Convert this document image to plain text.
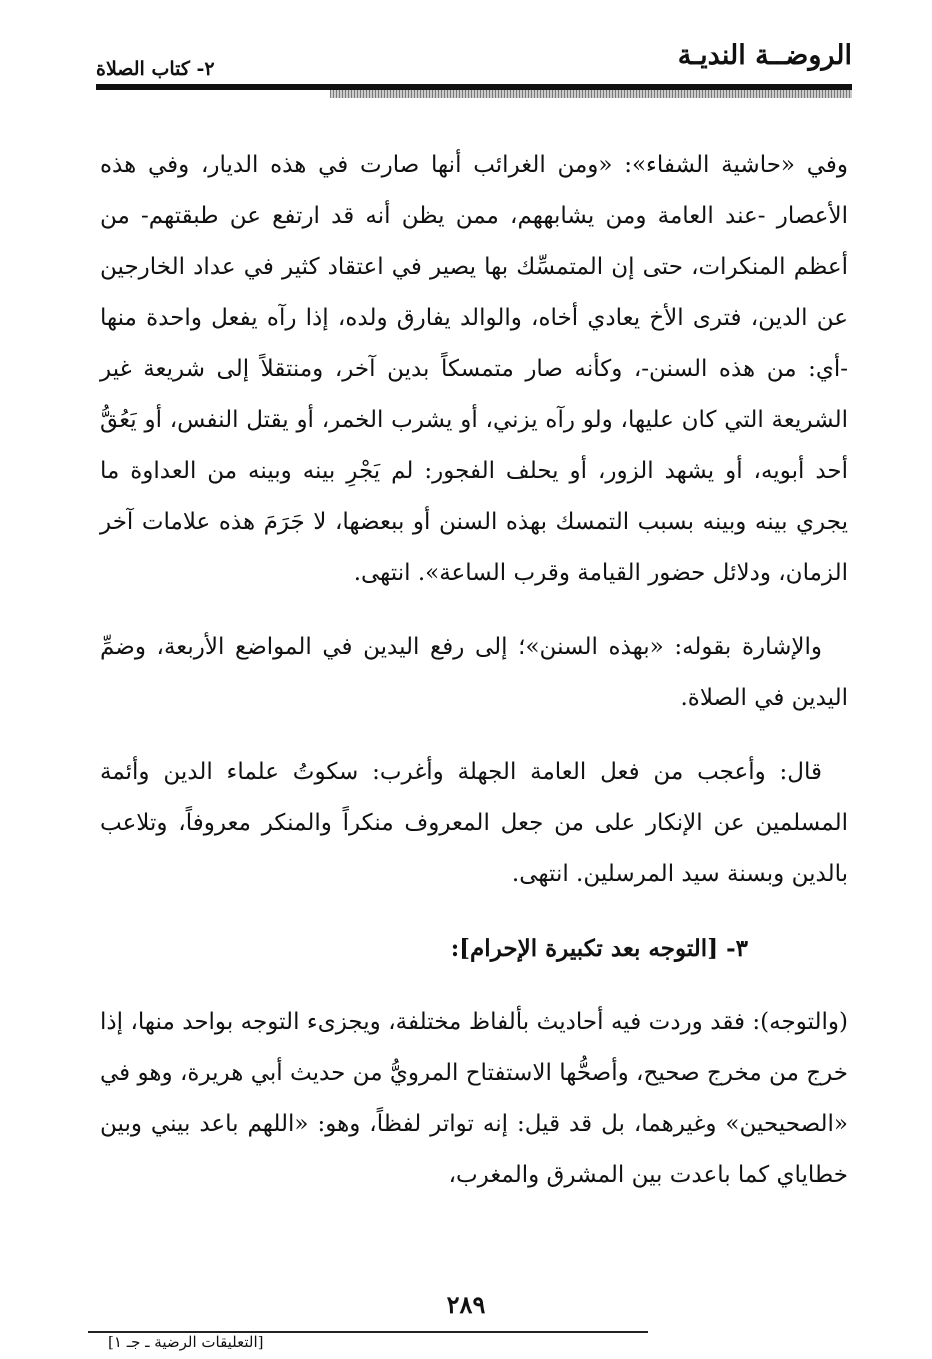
الروضــة النديـة
٢- كتاب الصلاة

وفي «حاشية الشفاء»: «ومن الغرائب أنها صارت في هذه الديار، وفي هذه الأعصار -عند العامة ومن يشابههم، ممن يظن أنه قد ارتفع عن طبقتهم- من أعظم المنكرات، حتى إن المتمسِّك بها يصير في اعتقاد كثير في عداد الخارجين عن الدين، فترى الأخ يعادي أخاه، والوالد يفارق ولده، إذا رآه يفعل واحدة منها -أي: من هذه السنن-، وكأنه صار متمسكاً بدين آخر، ومنتقلاً إلى شريعة غير الشريعة التي كان عليها، ولو رآه يزني، أو يشرب الخمر، أو يقتل النفس، أو يَعُقُّ أحد أبويه، أو يشهد الزور، أو يحلف الفجور: لم يَجْرِ بينه وبينه من العداوة ما يجري بينه وبينه بسبب التمسك بهذه السنن أو ببعضها، لا جَرَمَ هذه علامات آخر الزمان، ودلائل حضور القيامة وقرب الساعة». انتهى.

والإشارة بقوله: «بهذه السنن»؛ إلى رفع اليدين في المواضع الأربعة، وضمِّ اليدين في الصلاة.

قال: وأعجب من فعل العامة الجهلة وأغرب: سكوتُ علماء الدين وأئمة المسلمين عن الإنكار على من جعل المعروف منكراً والمنكر معروفاً، وتلاعب بالدين وبسنة سيد المرسلين. انتهى.

٣- [التوجه بعد تكبيرة الإحرام]:

(والتوجه): فقد وردت فيه أحاديث بألفاظ مختلفة، ويجزىء التوجه بواحد منها، إذا خرج من مخرج صحيح، وأصحُّها الاستفتاح المرويُّ من حديث أبي هريرة، وهو في «الصحيحين» وغيرهما، بل قد قيل: إنه تواتر لفظاً، وهو: «اللهم باعد بيني وبين خطاياي كما باعدت بين المشرق والمغرب،

٢٨٩
[التعليقات الرضية ـ جـ ١]
